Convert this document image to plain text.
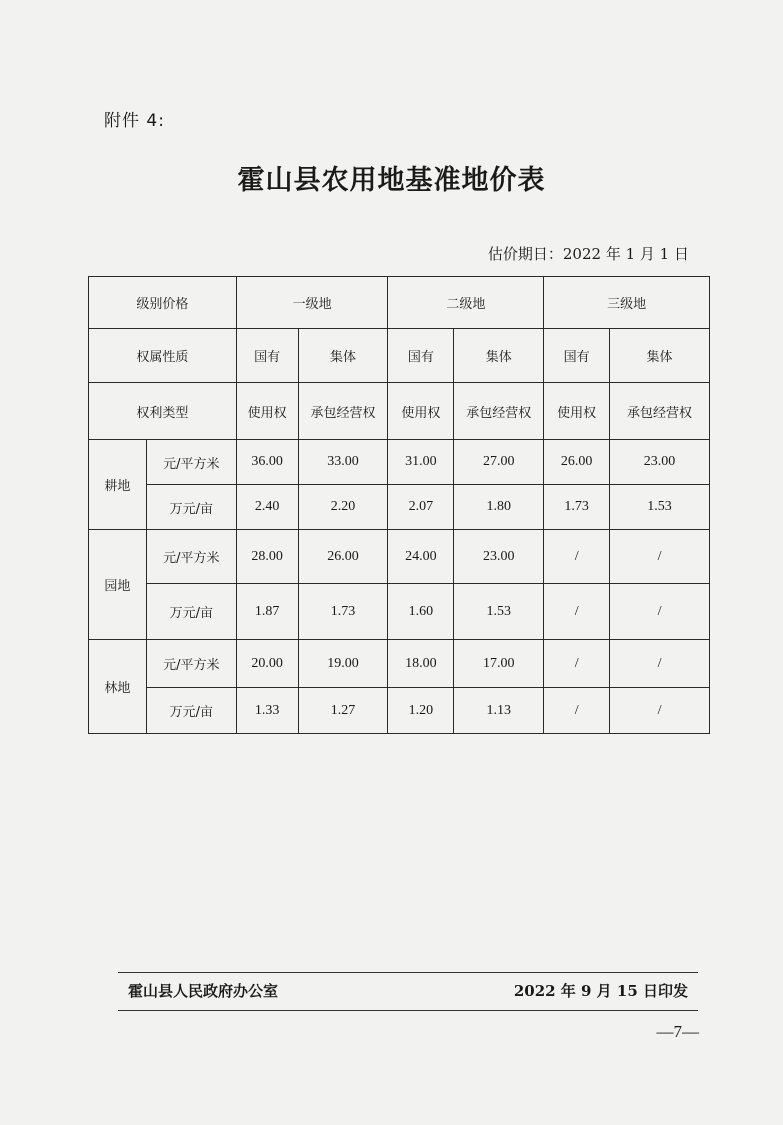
附件 4:
霍山县农用地基准地价表
估价期日：2022 年 1 月 1 日
级别价格		一级地		二级地		三级地	
权属性质		国有	集体	国有	集体	国有	集体
权利类型		使用权	承包经营权	使用权	承包经营权	使用权	承包经营权
耕地	元/平方米	36.00	33.00	31.00	27.00	26.00	23.00
	万元/亩	2.40	2.20	2.07	1.80	1.73	1.53
园地	元/平方米	28.00	26.00	24.00	23.00	/	/
	万元/亩	1.87	1.73	1.60	1.53	/	/
林地	元/平方米	20.00	19.00	18.00	17.00	/	/
	万元/亩	1.33	1.27	1.20	1.13	/	/
霍山县人民政府办公室	2022 年 9 月 15 日印发
—7—
